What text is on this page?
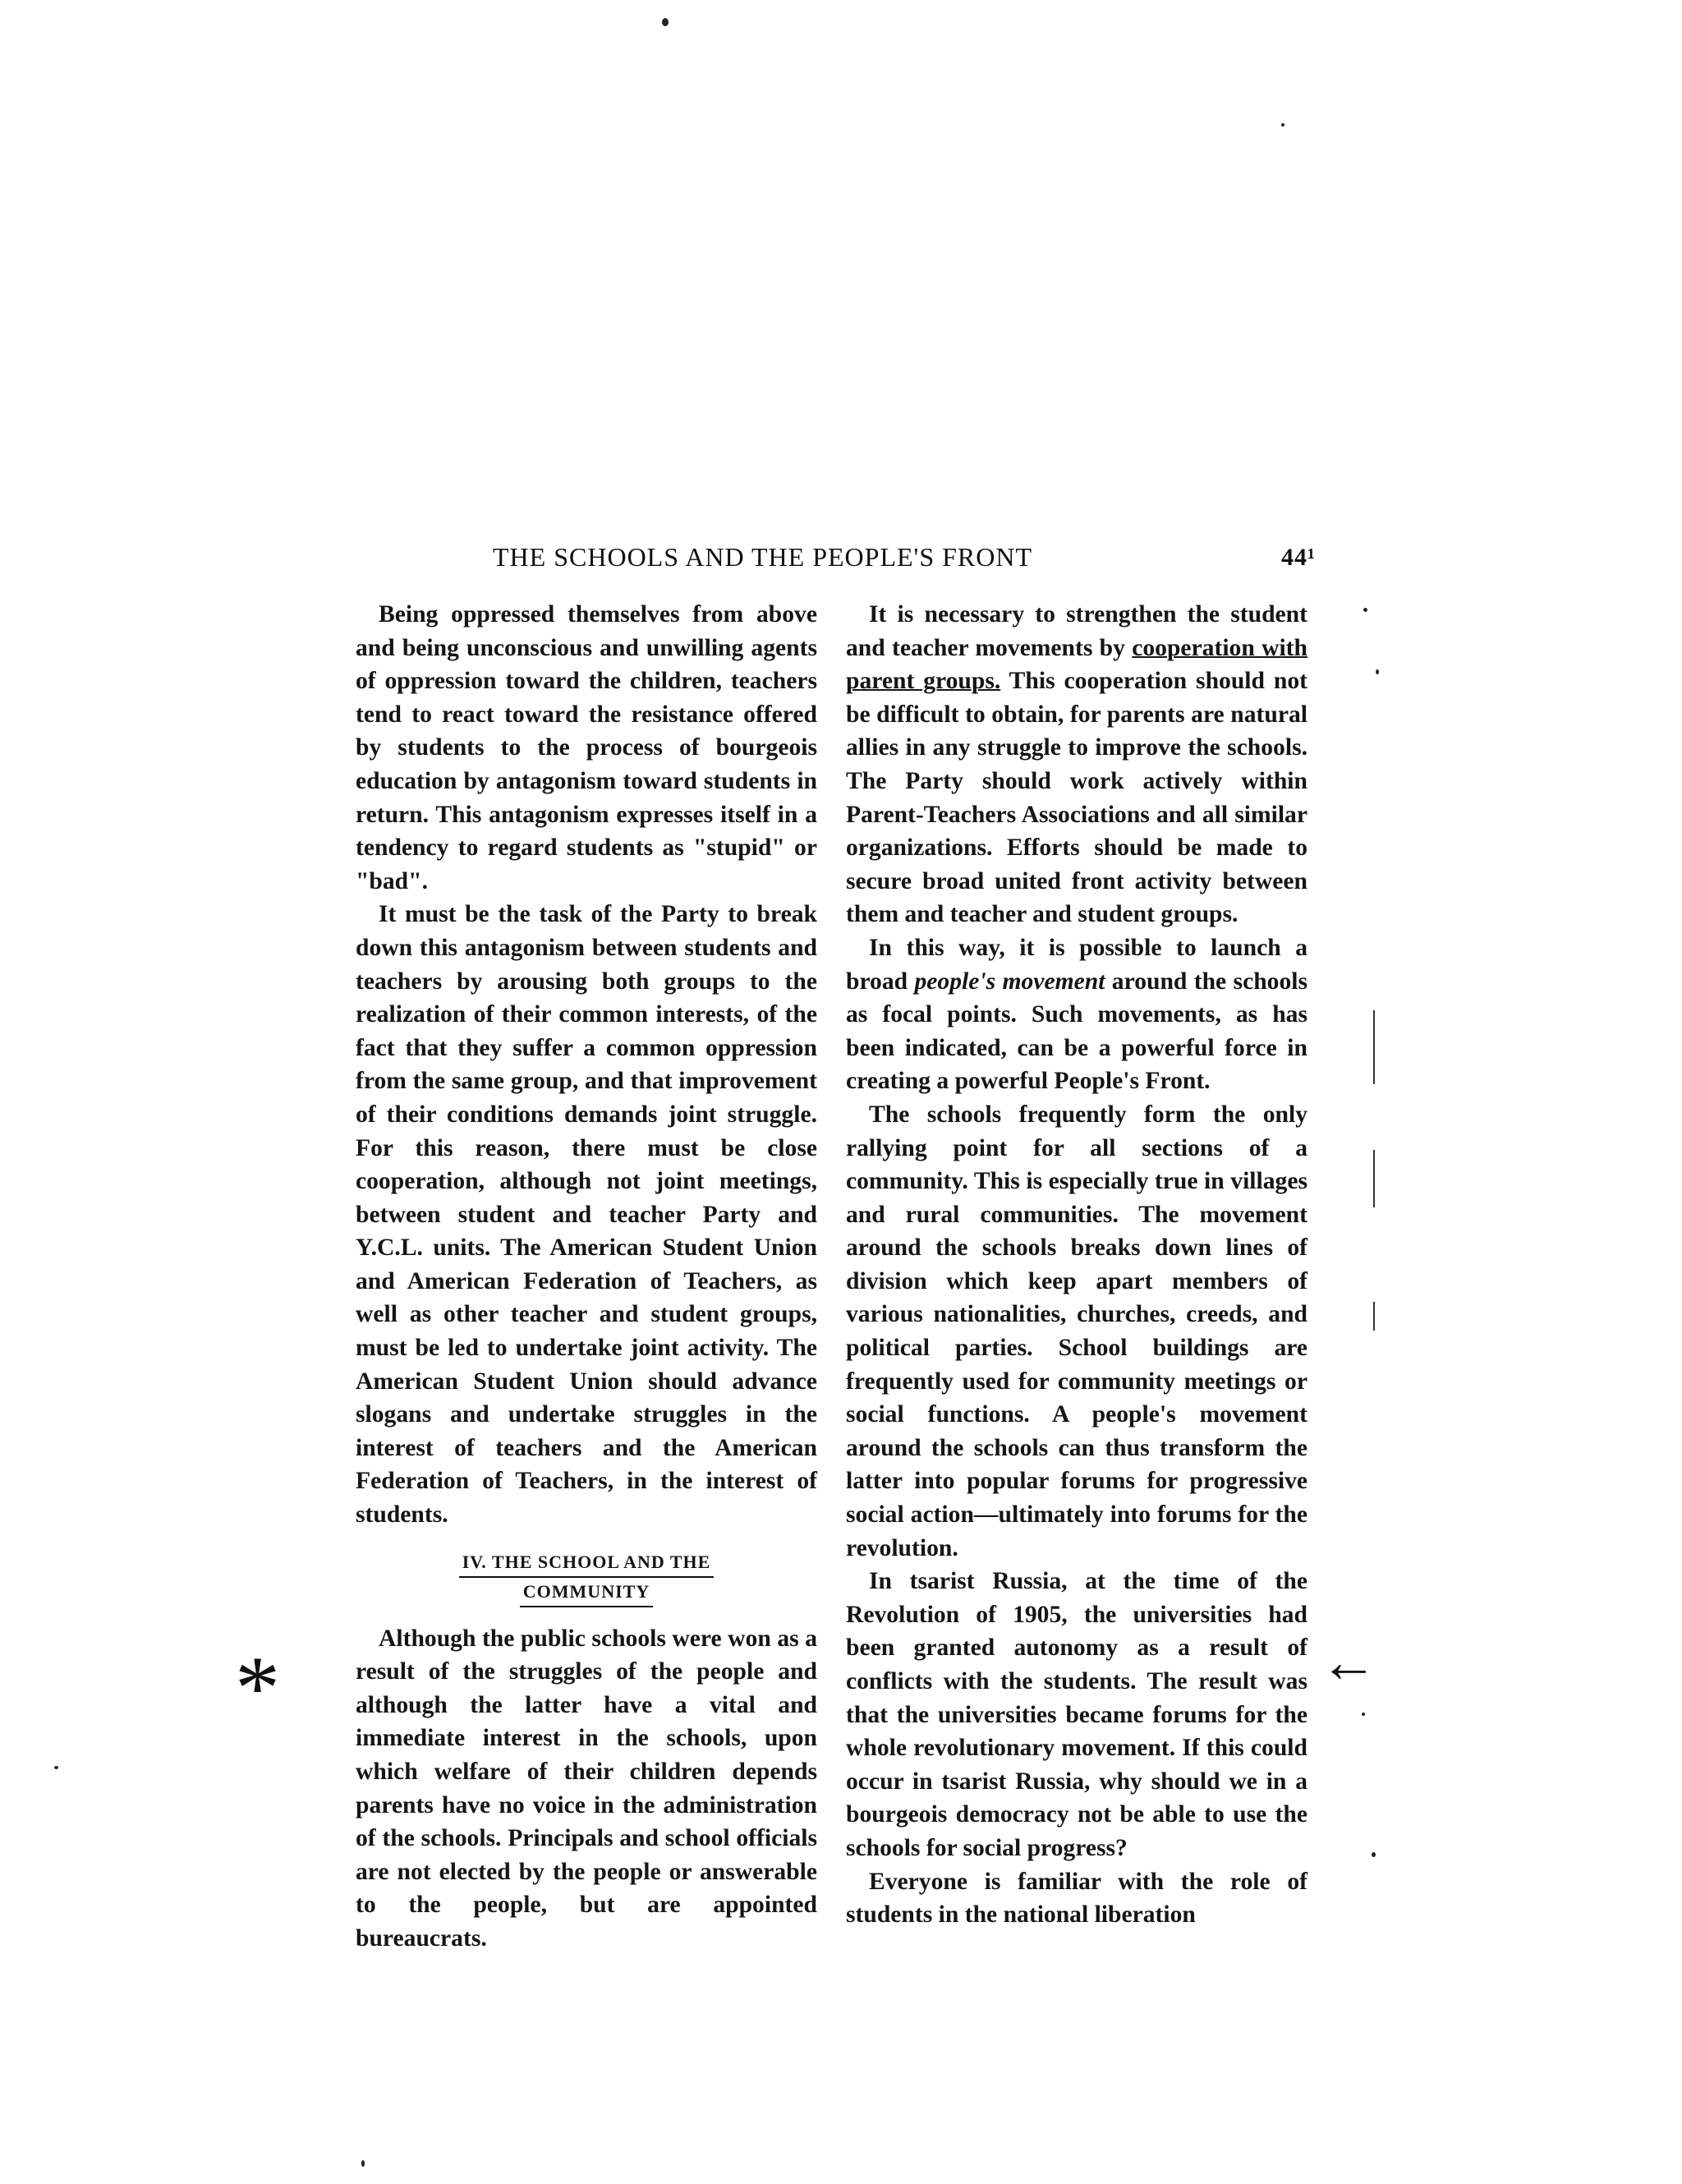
THE SCHOOLS AND THE PEOPLE'S FRONT	44¹

Being oppressed themselves from above and being unconscious and unwilling agents of oppression toward the children, teachers tend to react toward the resistance offered by students to the process of bourgeois education by antagonism toward students in return. This antagonism expresses itself in a tendency to regard students as "stupid" or "bad".

It must be the task of the Party to break down this antagonism between students and teachers by arousing both groups to the realization of their common interests, of the fact that they suffer a common oppression from the same group, and that improvement of their conditions demands joint struggle. For this reason, there must be close cooperation, although not joint meetings, between student and teacher Party and Y.C.L. units. The American Student Union and American Federation of Teachers, as well as other teacher and student groups, must be led to undertake joint activity. The American Student Union should advance slogans and undertake struggles in the interest of teachers and the American Federation of Teachers, in the interest of students.

IV. THE SCHOOL AND THE
COMMUNITY

Although the public schools were won as a result of the struggles of the people and although the latter have a vital and immediate interest in the schools, upon which welfare of their children depends parents have no voice in the administration of the schools. Principals and school officials are not elected by the people or answerable to the people, but are appointed bureaucrats.

It is necessary to strengthen the student and teacher movements by cooperation with parent groups. This cooperation should not be difficult to obtain, for parents are natural allies in any struggle to improve the schools. The Party should work actively within Parent-Teachers Associations and all similar organizations. Efforts should be made to secure broad united front activity between them and teacher and student groups.

In this way, it is possible to launch a broad people's movement around the schools as focal points. Such movements, as has been indicated, can be a powerful force in creating a powerful People's Front.

The schools frequently form the only rallying point for all sections of a community. This is especially true in villages and rural communities. The movement around the schools breaks down lines of division which keep apart members of various nationalities, churches, creeds, and political parties. School buildings are frequently used for community meetings or social functions. A people's movement around the schools can thus transform the latter into popular forums for progressive social action—ultimately into forums for the revolution.

In tsarist Russia, at the time of the Revolution of 1905, the universities had been granted autonomy as a result of conflicts with the students. The result was that the universities became forums for the whole revolutionary movement. If this could occur in tsarist Russia, why should we in a bourgeois democracy not be able to use the schools for social progress?

Everyone is familiar with the role of students in the national liberation

*	←
